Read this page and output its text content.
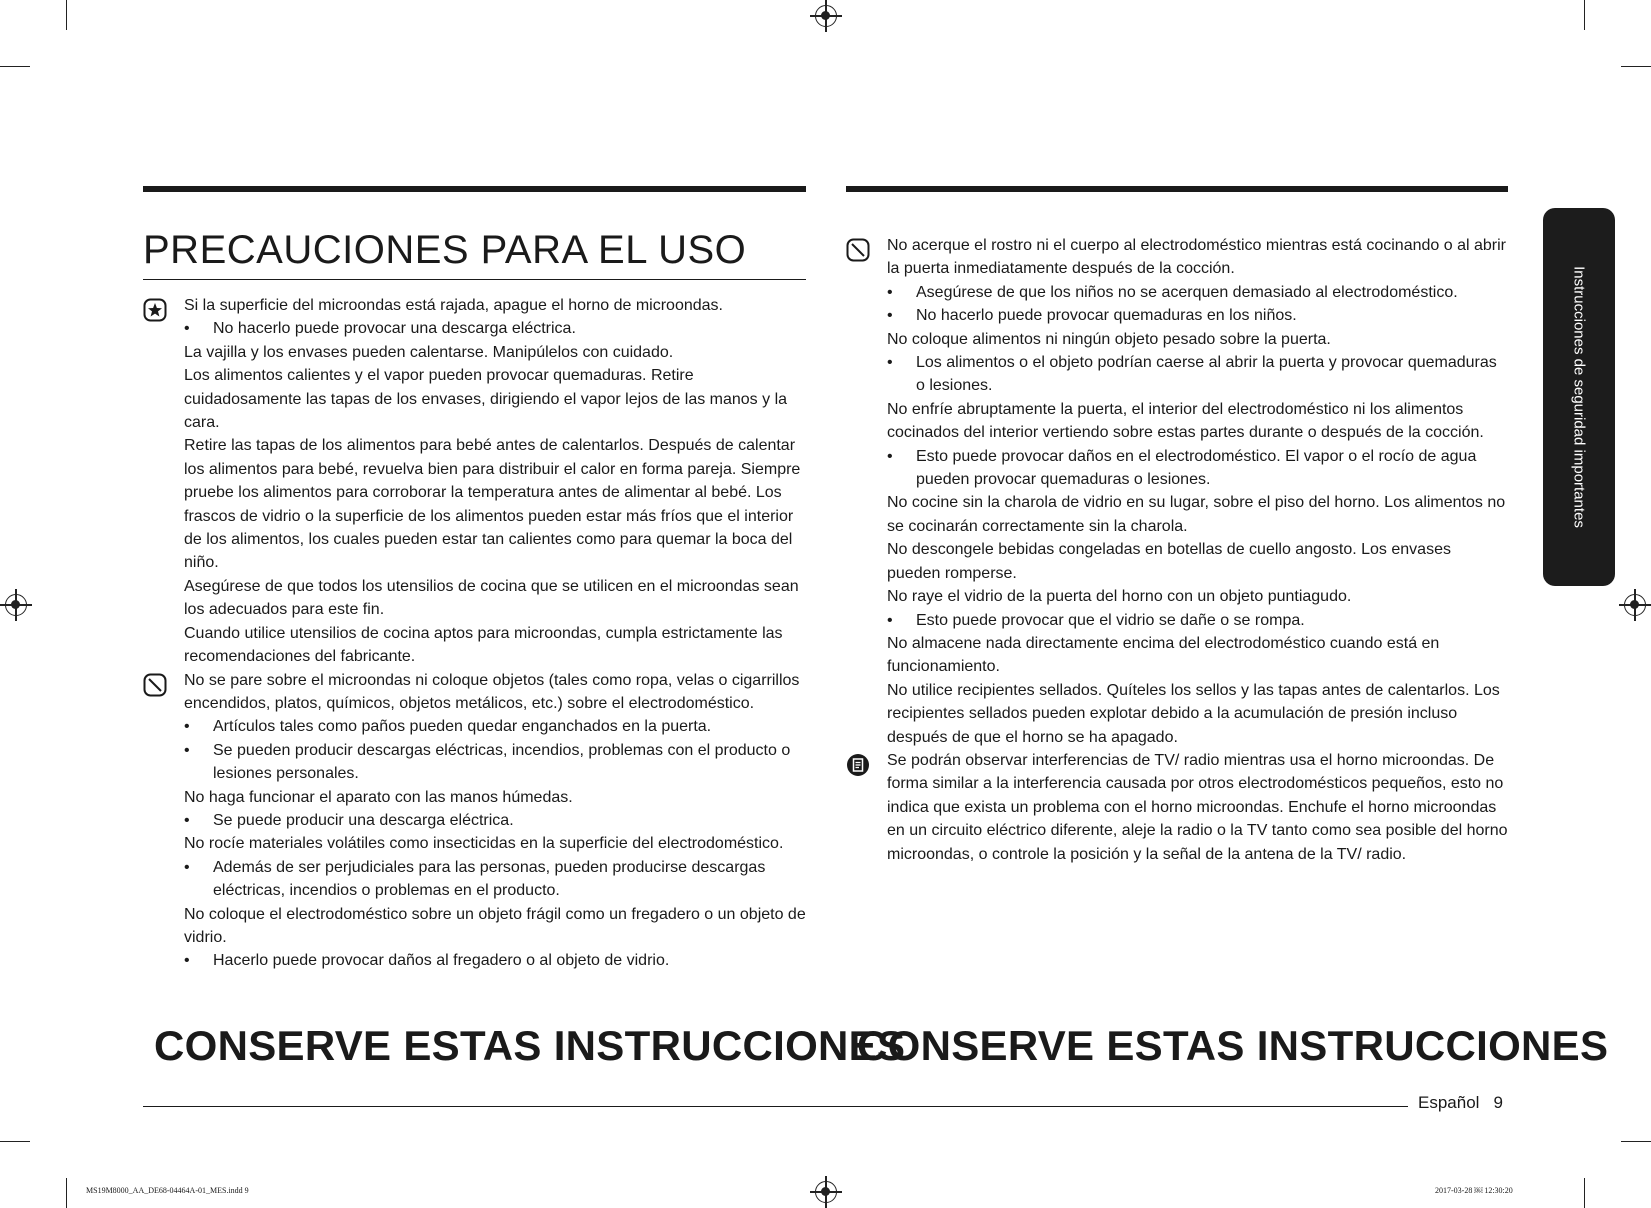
PRECAUCIONES PARA EL USO

Si la superficie del microondas está rajada, apague el horno de microondas.

• No hacerlo puede provocar una descarga eléctrica.

La vajilla y los envases pueden calentarse. Manipúlelos con cuidado.

Los alimentos calientes y el vapor pueden provocar quemaduras. Retire cuidadosamente las tapas de los envases, dirigiendo el vapor lejos de las manos y la cara.

Retire las tapas de los alimentos para bebé antes de calentarlos. Después de calentar los alimentos para bebé, revuelva bien para distribuir el calor en forma pareja. Siempre pruebe los alimentos para corroborar la temperatura antes de alimentar al bebé. Los frascos de vidrio o la superficie de los alimentos pueden estar más fríos que el interior de los alimentos, los cuales pueden estar tan calientes como para quemar la boca del niño.

Asegúrese de que todos los utensilios de cocina que se utilicen en el microondas sean los adecuados para este fin.

Cuando utilice utensilios de cocina aptos para microondas, cumpla estrictamente las recomendaciones del fabricante.

No se pare sobre el microondas ni coloque objetos (tales como ropa, velas o cigarrillos encendidos, platos, químicos, objetos metálicos, etc.) sobre el electrodoméstico.

• Artículos tales como paños pueden quedar enganchados en la puerta.

• Se pueden producir descargas eléctricas, incendios, problemas con el producto o lesiones personales.

No haga funcionar el aparato con las manos húmedas.

• Se puede producir una descarga eléctrica.

No rocíe materiales volátiles como insecticidas en la superficie del electrodoméstico.

• Además de ser perjudiciales para las personas, pueden producirse descargas eléctricas, incendios o problemas en el producto.

No coloque el electrodoméstico sobre un objeto frágil como un fregadero o un objeto de vidrio.

• Hacerlo puede provocar daños al fregadero o al objeto de vidrio.

No acerque el rostro ni el cuerpo al electrodoméstico mientras está cocinando o al abrir la puerta inmediatamente después de la cocción.

• Asegúrese de que los niños no se acerquen demasiado al electrodoméstico.

• No hacerlo puede provocar quemaduras en los niños.

No coloque alimentos ni ningún objeto pesado sobre la puerta.

• Los alimentos o el objeto podrían caerse al abrir la puerta y provocar quemaduras o lesiones.

No enfríe abruptamente la puerta, el interior del electrodoméstico ni los alimentos cocinados del interior vertiendo sobre estas partes durante o después de la cocción.

• Esto puede provocar daños en el electrodoméstico. El vapor o el rocío de agua pueden provocar quemaduras o lesiones.

No cocine sin la charola de vidrio en su lugar, sobre el piso del horno. Los alimentos no se cocinarán correctamente sin la charola.

No descongele bebidas congeladas en botellas de cuello angosto. Los envases pueden romperse.

No raye el vidrio de la puerta del horno con un objeto puntiagudo.

• Esto puede provocar que el vidrio se dañe o se rompa.

No almacene nada directamente encima del electrodoméstico cuando está en funcionamiento.

No utilice recipientes sellados. Quíteles los sellos y las tapas antes de calentarlos. Los recipientes sellados pueden explotar debido a la acumulación de presión incluso después de que el horno se ha apagado.

Se podrán observar interferencias de TV/ radio mientras usa el horno microondas. De forma similar a la interferencia causada por otros electrodomésticos pequeños, esto no indica que exista un problema con el horno microondas. Enchufe el horno microondas en un circuito eléctrico diferente, aleje la radio o la TV tanto como sea posible del horno microondas, o controle la posición y la señal de la antena de la TV/ radio.

CONSERVE ESTAS INSTRUCCIONES
CONSERVE ESTAS INSTRUCCIONES
Instrucciones de seguridad importantes
Español 9
MS19M8000_AA_DE68-04464A-01_MES.indd 9	2017-03-28 ￼ 12:30:20
